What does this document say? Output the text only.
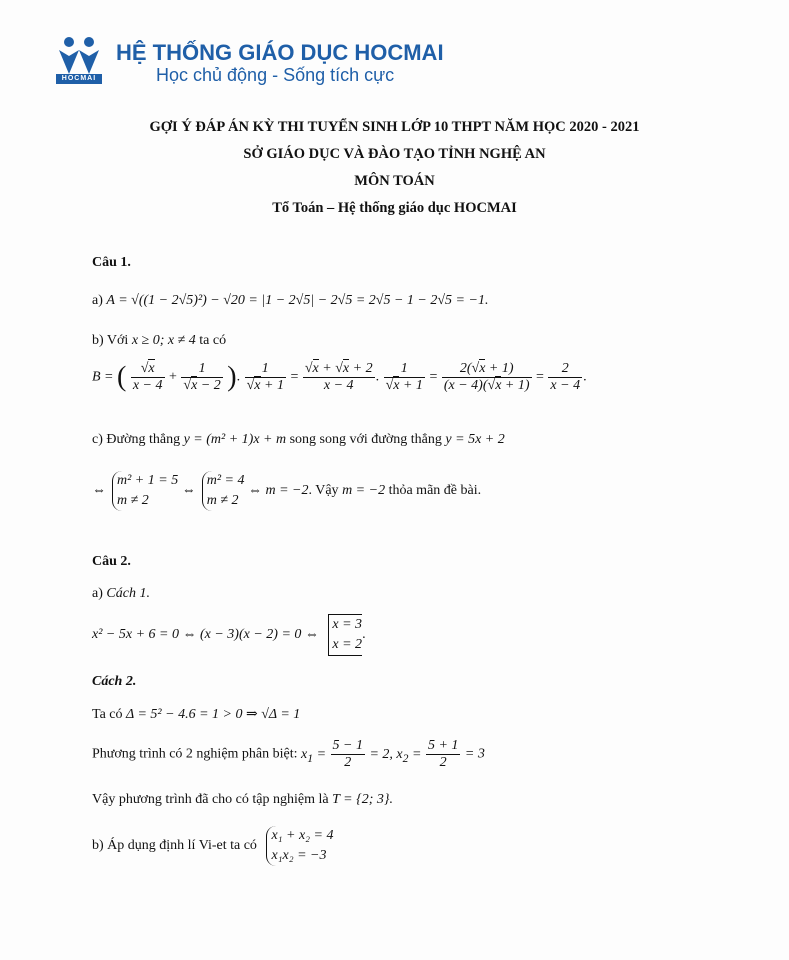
HOCMAI
HỆ THỐNG GIÁO DỤC HOCMAI
Học chủ động - Sống tích cực
GỢI Ý ĐÁP ÁN KỲ THI TUYỂN SINH LỚP 10 THPT NĂM HỌC 2020 - 2021
SỞ GIÁO DỤC VÀ ĐÀO TẠO TỈNH NGHỆ AN
MÔN TOÁN
Tổ Toán – Hệ thống giáo dục HOCMAI
Câu 1.
a) A = √((1 − 2√5)²) − √20 = |1 − 2√5| − 2√5 = 2√5 − 1 − 2√5 = −1.
b) Với x ≥ 0; x ≠ 4 ta có
B = ( $\frac{√x}{x - 4} + \frac{1}{√x - 2}$ ). $\frac{1}{√x + 1} = \frac{√x + √x + 2}{x - 4}$ . $\frac{1}{√x + 1} = \frac{2(√x + 1)}{(x - 4)(√x + 1)} = \frac{2}{x - 4}$ .
c) Đường thẳng y = (m² + 1)x + m song song với đường thẳng y = 5x + 2
⇔
m² + 1 = 5
m ≠ 2
⇔
m² = 4
m ≠ 2
⇔ m = −2. Vậy m = −2 thỏa mãn đề bài.
Câu 2.
a) Cách 1.
x² − 5x + 6 = 0 ⇔ (x − 3)(x − 2) = 0 ⇔
x = 3
x = 2
.
Cách 2.
Ta có Δ = 5² − 4.6 = 1 > 0 ⇒ √Δ = 1
Phương trình có 2 nghiệm phân biệt: $x_1 = \frac{5 - 1}{2} = 2$, $x_2 = \frac{5 + 1}{2} = 3$
Vậy phương trình đã cho có tập nghiệm là T = {2; 3}.
b) Áp dụng định lí Vi-et ta có
x₁ + x₂ = 4
x₁x₂ = −3
